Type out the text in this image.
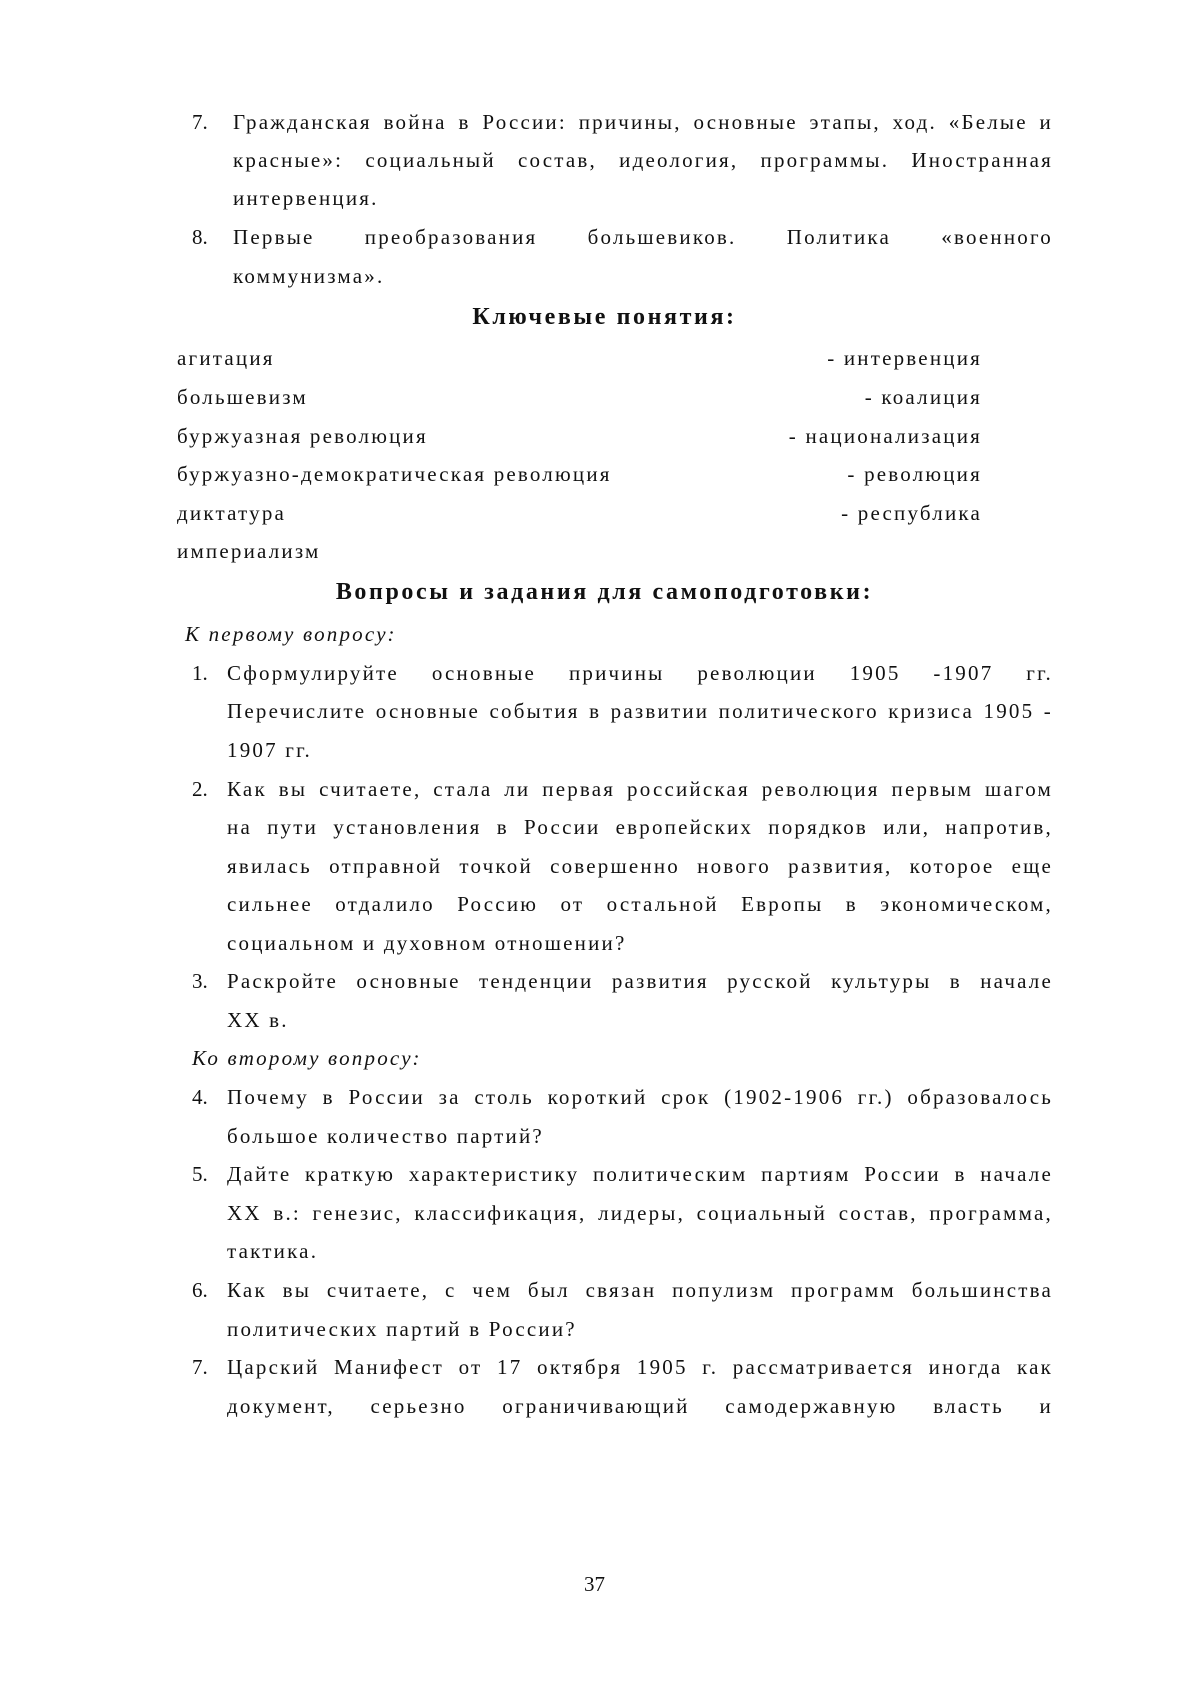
7. Гражданская война в России: причины, основные этапы, ход. «Белые и
красные»: социальный состав, идеология, программы. Иностранная
интервенция.
8. Первые преобразования большевиков. Политика «военного
коммунизма».
Ключевые понятия:
агитация
большевизм
буржуазная революция
буржуазно-демократическая революция
диктатура
империализм
- интервенция
- коалиция
- национализация
- революция
- республика
Вопросы и задания для самоподготовки:
К первому вопросу:
1. Сформулируйте основные причины революции 1905 -1907 гг.
Перечислите основные события в развитии политического кризиса 1905 -
1907 гг.
2. Как вы считаете, стала ли первая российская революция первым шагом
на пути установления в России европейских порядков или, напротив,
явилась отправной точкой совершенно нового развития, которое еще
сильнее отдалило Россию от остальной Европы в экономическом,
социальном и духовном отношении?
3. Раскройте основные тенденции развития русской культуры в начале
XX в.
Ко второму вопросу:
4. Почему в России за столь короткий срок (1902-1906 гг.) образовалось
большое количество партий?
5. Дайте краткую характеристику политическим партиям России в начале
XX в.: генезис, классификация, лидеры, социальный состав, программа,
тактика.
6. Как вы считаете, с чем был связан популизм программ большинства
политических партий в России?
7. Царский Манифест от 17 октября 1905 г. рассматривается иногда как
документ, серьезно ограничивающий самодержавную власть и
37
